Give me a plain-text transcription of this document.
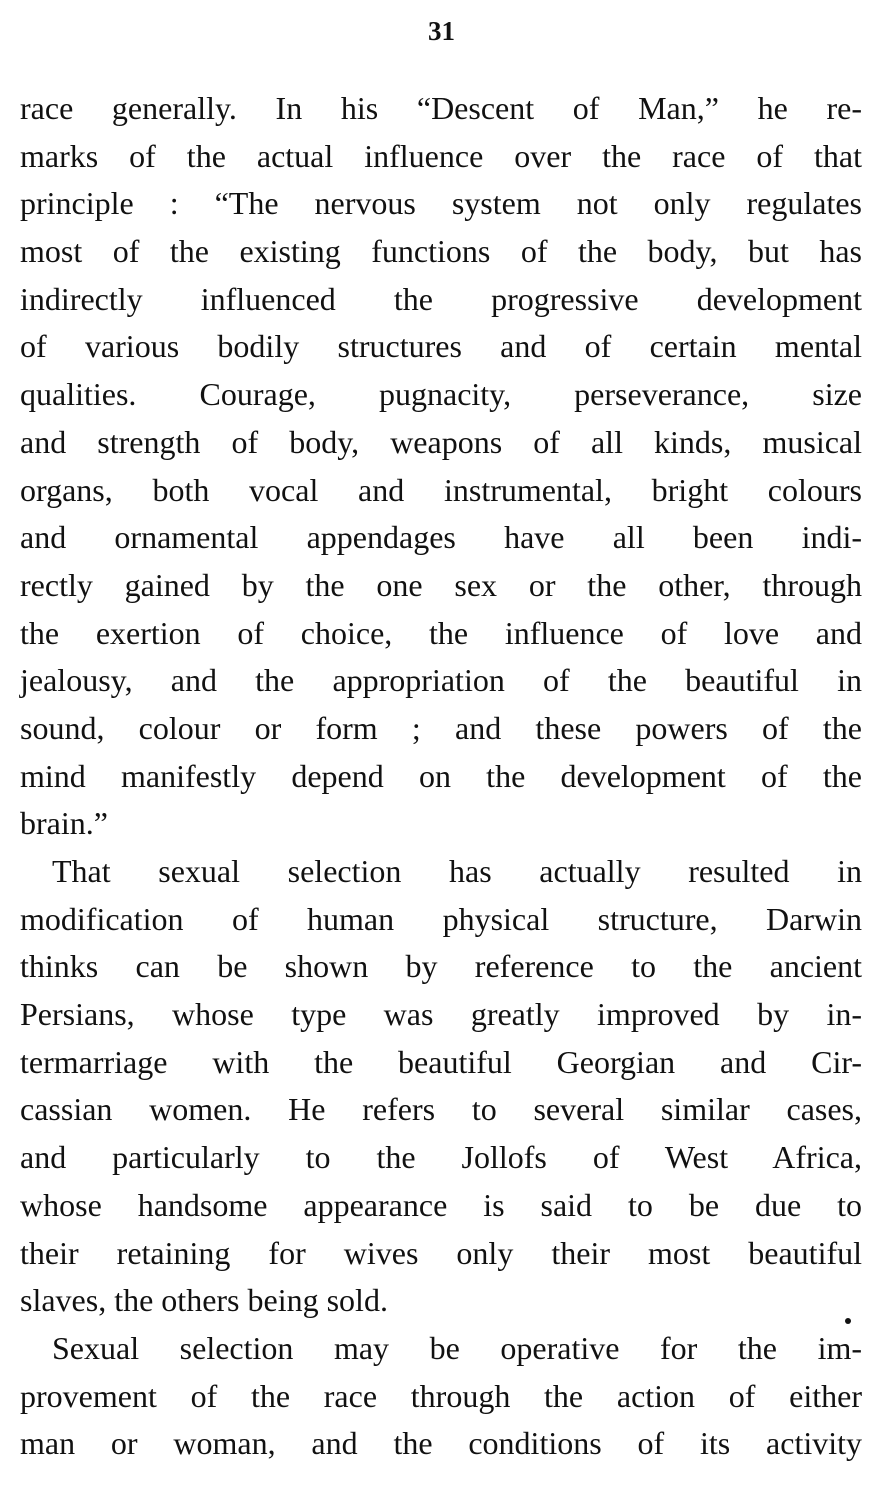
31
race generally. In his “Descent of Man,” he re-
marks of the actual influence over the race of that
principle : “The nervous system not only regulates
most of the existing functions of the body, but has
indirectly influenced the progressive development
of various bodily structures and of certain mental
qualities. Courage, pugnacity, perseverance, size
and strength of body, weapons of all kinds, musical
organs, both vocal and instrumental, bright colours
and ornamental appendages have all been indi-
rectly gained by the one sex or the other, through
the exertion of choice, the influence of love and
jealousy, and the appropriation of the beautiful in
sound, colour or form ; and these powers of the
mind manifestly depend on the development of the
brain.”
That sexual selection has actually resulted in
modification of human physical structure, Darwin
thinks can be shown by reference to the ancient
Persians, whose type was greatly improved by in-
termarriage with the beautiful Georgian and Cir-
cassian women. He refers to several similar cases,
and particularly to the Jollofs of West Africa,
whose handsome appearance is said to be due to
their retaining for wives only their most beautiful
slaves, the others being sold.
Sexual selection may be operative for the im-
provement of the race through the action of either
man or woman, and the conditions of its activity
